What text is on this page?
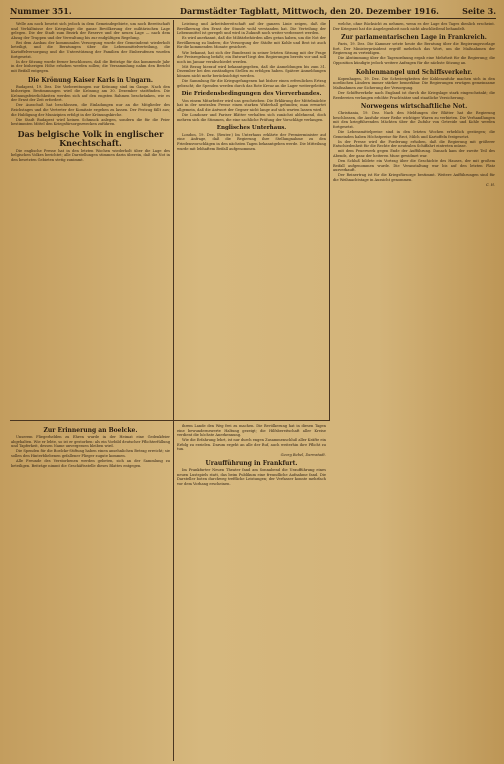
Nummer 351.	Darmstädter Tagblatt, Mittwoch, den 20. Dezember 1916.	Seite 3.

Welle am noch besetzt sich jedoch in dem Gemeindegebiete, um noch Bereitschaft und Verhältnisse der Kriegslage die ganze Bevölkerung der militärischen Lage gelegen. Die der Stadt zum Bezirk der Reserve und der neuen Lage — nach dem Abzug der Truppen und der Verwaltung bis zur endgültigen Regelung.

Bei dem Ausbau der kommunalen Versorgung wurde der Gemeinderat wiederholt beteiligt, und die Beratungen über die Lebensmittelverteilung, die Kartoffelversorgung und die Unterstützung der Familien der Einberufenen wurden fortgesetzt.

In der Sitzung wurde ferner beschlossen, daß die Beiträge für das kommende Jahr in der bisherigen Höhe erhoben werden sollen; die Versammlung nahm den Bericht mit Beifall entgegen.

Die Krönung Kaiser Karls in Ungarn.

Budapest, 19. Dez. Die Vorbereitungen zur Krönung sind im Gange. Nach den bisherigen Bestimmungen wird die Krönung am 30. Dezember stattfinden. Die Krönungsfeierlichkeiten werden sich auf den engsten Rahmen beschränken, wie es der Ernst der Zeit erfordert.

Der Ausschuß hat beschlossen, die Einladungen nur an die Mitglieder des Reichstages und die Vertreter der Komitate ergehen zu lassen. Der Festzug fällt aus; die Huldigung der Munizipien erfolgt in der Krönungskirche.

Die Stadt Budapest wird keinen Schmuck anlegen, sondern die für die Feier bestimmten Mittel den Kriegsfürsorgezwecken zuführen.

Das belgische Volk in englischer Knechtschaft.

Die englische Presse hat in den letzten Wochen wiederholt über die Lage des belgischen Volkes berichtet; alle Darstellungen stimmen darin überein, daß die Not in den besetzten Gebieten stetig zunimmt.

Leistung und Arbeitsbereitschaft auf der ganzen Linie zeigen, daß die Bevölkerung den Ernst der Stunde wohl verstanden hat. Die Verteilung der Lebensmittel ist geregelt und wird in Zukunft noch weiter verbessert werden.

Es wird anerkannt, daß die Militärbehörden alles getan haben, um die Not der Bevölkerung zu lindern; die Versorgung der Städte mit Kohle und Brot ist auch für die kommenden Monate gesichert.

Wie bekannt, hat sich der Bundesrat in seiner letzten Sitzung mit der Frage der Preisregelung befaßt; ein Entwurf liegt den Regierungen bereits vor und soll noch im Januar verabschiedet werden.

Mit Bezug hierauf wird bekanntgegeben, daß die Anmeldungen bis zum 31. Dezember bei den zuständigen Stellen zu erfolgen haben. Spätere Anmeldungen können nicht mehr berücksichtigt werden.

Die Sammlung für die Kriegsgefangenen hat bisher einen erfreulichen Ertrag gebracht; die Spenden werden durch das Rote Kreuz an die Lager weitergeleitet.

Die Friedensbedingungen des Vierverbandes.

Von einem Mitarbeiter wird uns geschrieben: Die Erklärung der Mittelmächte hat in der neutralen Presse einen starken Widerhall gefunden; man erwartet allgemein, daß die Antwort der Gegner nicht lange auf sich warten lassen wird.

Die Londoner und Pariser Blätter verhalten sich zunächst ablehnend, doch mehren sich die Stimmen, die eine sachliche Prüfung der Vorschläge verlangen.

Englisches Unterhaus.

London, 19. Dez. (Reuter.) Im Unterhaus erklärte der Premierminister auf eine Anfrage, daß die Regierung ihre Stellungnahme zu den Friedensvorschlägen in den nächsten Tagen bekanntgeben werde. Die Mitteilung wurde mit lebhaftem Beifall aufgenommen.

welche, ohne Rücksicht zu nehmen, wenn es der Lage des Tages dienlich erscheint. Der Kriegsrat hat die Angelegenheit noch nicht abschließend behandelt.

Zur parlamentarischen Lage in Frankreich.

Paris, 19. Dez. Die Kammer setzte heute die Beratung über die Regierungsvorlage fort. Der Ministerpräsident ergriff mehrfach das Wort, um die Maßnahmen der Regierung zu verteidigen.

Die Abstimmung über die Tagesordnung ergab eine Mehrheit für die Regierung; die Opposition kündigte jedoch weitere Anfragen für die nächste Sitzung an.

Kohlenmangel und Schiffsverkehr.

Kopenhagen, 19. Dez. Die Schwierigkeiten der Kohlenzufuhr machen sich in den nordischen Ländern immer stärker bemerkbar. Die Regierungen erwägen gemeinsame Maßnahmen zur Sicherung der Versorgung.

Der Schiffsverkehr nach England ist durch die Kriegslage stark eingeschränkt; die Reedereien verlangen erhöhte Frachtsätze und staatliche Versicherung.

Norwegens wirtschaftliche Not.

Christiania, 19. Dez. Nach den Meldungen der Blätter hat die Regierung beschlossen, die Ausfuhr einer Reihe wichtiger Waren zu verbieten. Die Verhandlungen mit den kriegführenden Mächten über die Zufuhr von Getreide und Kohle werden fortgesetzt.

Die Lebensmittelpreise sind in den letzten Wochen erheblich gestiegen; die Gemeinden haben Höchstpreise für Brot, Milch und Kartoffeln festgesetzt.

In der Presse wird die Forderung erhoben, daß die Regierung mit größerer Entschiedenheit für die Rechte der neutralen Schiffahrt eintreten müsse.

mit dem Feuerwerk gegen Ende der Aufführung. Danach kam der zweite Teil des Abends, der ganz der heiteren Muse gewidmet war.

Den Schluß bildete ein Vortrag über die Geschichte des Hauses, der mit großem Beifall aufgenommen wurde. Die Veranstaltung war bis auf den letzten Platz ausverkauft.

Der Reinertrag ist für die Kriegsfürsorge bestimmt. Weitere Aufführungen sind für die Weihnachtstage in Aussicht genommen.

C. H.
Zur Erinnerung an Boelcke.

Unserem Fliegerhelden zu Ehren wurde in der Heimat eine Gedenkfeier abgehalten. Wie er lebte, so ist er gestorben: als ein Vorbild deutscher Pflichterfüllung und Tapferkeit, dessen Name unvergessen bleiben wird.

Die Spenden für die Boelcke-Stiftung haben einen ansehnlichen Betrag erreicht; sie sollen den Hinterbliebenen gefallener Flieger zugute kommen.

Alle Freunde des Verstorbenen werden gebeten, sich an der Sammlung zu beteiligen. Beiträge nimmt die Geschäftsstelle dieses Blattes entgegen.

ihrem Lande den Weg frei zu machen. Die Bevölkerung hat in diesen Tagen eine bewundernswerte Haltung gezeigt; die Hilfsbereitschaft aller Kreise verdient die höchste Anerkennung.

Wie die Erfahrung lehrt, ist nur durch engen Zusammenschluß aller Kräfte ein Erfolg zu erzielen. Darum ergeht an alle der Ruf, auch weiterhin ihre Pflicht zu tun.

Georg Bebel, Darmstadt.
Uraufführung in Frankfurt.

Im Frankfurter Neuen Theater fand am Sonnabend die Uraufführung eines neuen Lustspiels statt, das beim Publikum eine freundliche Aufnahme fand. Die Darsteller boten durchweg treffliche Leistungen; der Verfasser konnte mehrfach vor dem Vorhang erscheinen.
